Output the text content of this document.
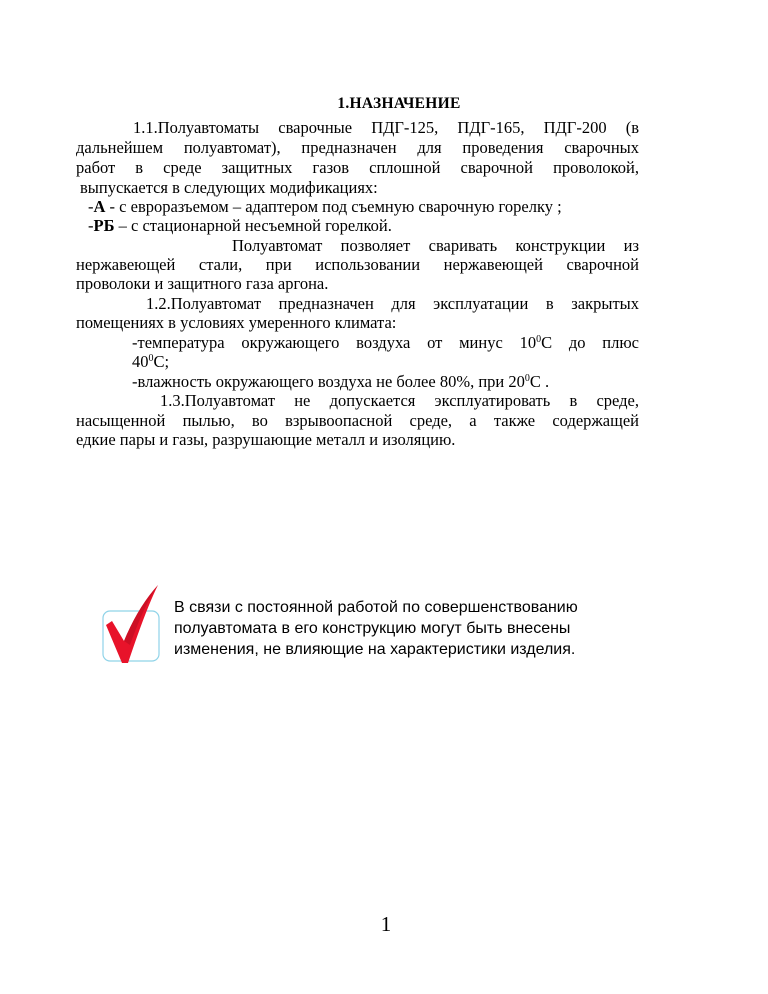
1.НАЗНАЧЕНИЕ
1.1.Полуавтоматы сварочные ПДГ-125, ПДГ-165, ПДГ-200 (в
дальнейшем полуавтомат), предназначен для проведения сварочных
работ в среде защитных газов сплошной сварочной проволокой,
выпускается в следующих модификациях:
-А - с евроразъемом – адаптером под съемную сварочную горелку ;
-РБ – с стационарной несъемной горелкой.
Полуавтомат позволяет сваривать конструкции из
нержавеющей стали, при использовании нержавеющей сварочной
проволоки и защитного газа аргона.
1.2.Полуавтомат предназначен для эксплуатации в закрытых
помещениях в условиях умеренного климата:
-температура окружающего воздуха от минус $10^0С$ до плюс
$40^0С$;
-влажность окружающего воздуха не более 80%, при $20^0С$ .
1.3.Полуавтомат не допускается эксплуатировать в среде,
насыщенной пылью, во взрывоопасной среде, а также содержащей
едкие пары и газы, разрушающие металл и изоляцию.
В связи с постоянной работой по совершенствованию
полуавтомата в его конструкцию могут быть внесены
изменения, не влияющие на характеристики изделия.
1
